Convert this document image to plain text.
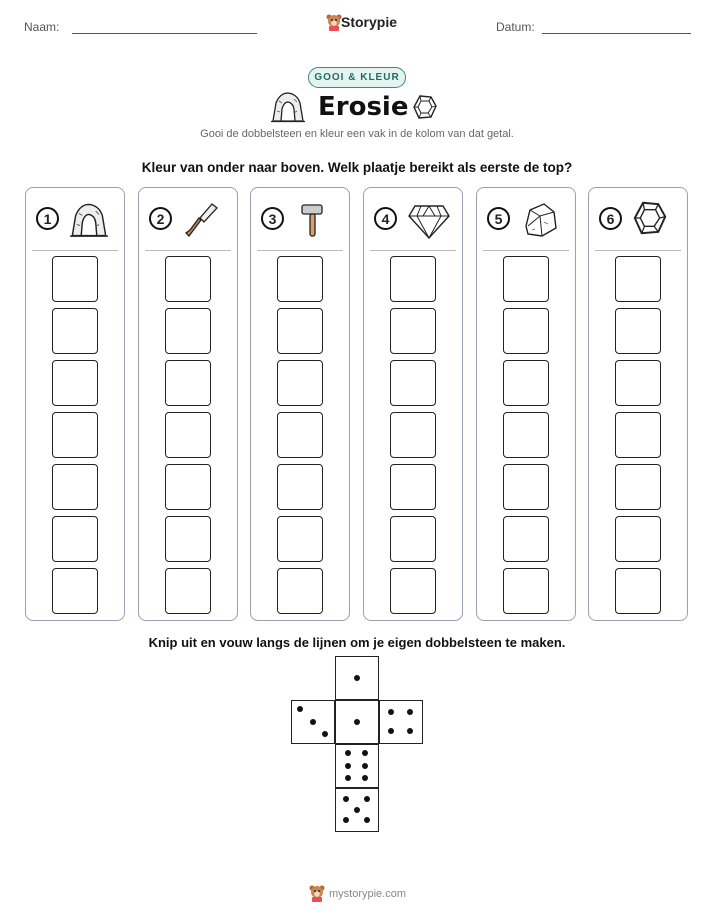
Naam:	Storypie	Datum:
GOOI & KLEUR
Erosie
Gooi de dobbelsteen en kleur een vak in de kolom van dat getal.
Kleur van onder naar boven. Welk plaatje bereikt als eerste de top?
1	2	3	4	5	6
Knip uit en vouw langs de lijnen om je eigen dobbelsteen te maken.
mystorypie.com
